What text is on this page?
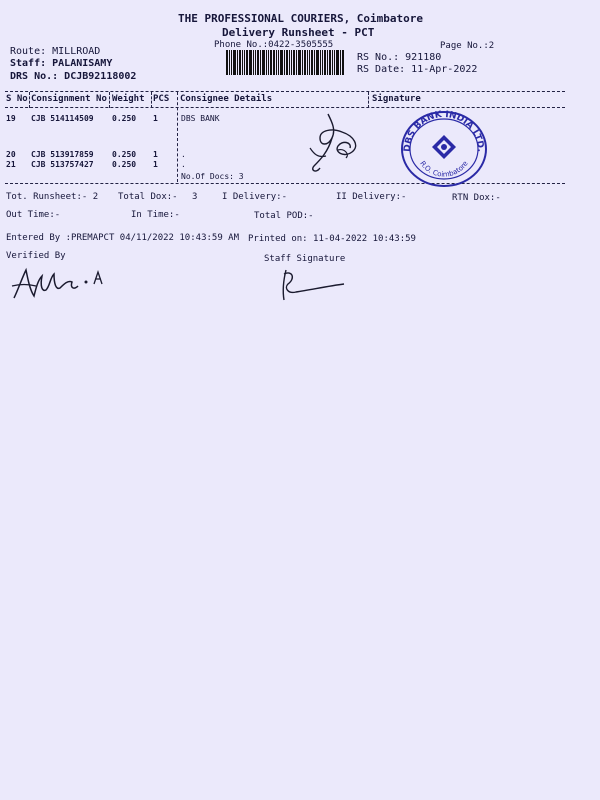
THE PROFESSIONAL COURIERS, Coimbatore
Delivery Runsheet - PCT
Phone No.:0422-3505555	Page No.:2
Route: MILLROAD
Staff: PALANISAMY
DRS No.: DCJB92118002
RS No.: 921180
RS Date: 11-Apr-2022
S No Consignment No Weight PCS Consignee Details	Signature
19 CJB 514114509 0.250 1	DBS BANK
20 CJB 513917859 0.250 1	.
21 CJB 513757427 0.250 1	.
No.Of Docs: 3
DBS BANK INDIA LTD.
R.O. Coimbatore
Tot. Runsheet:- 2 Total Dox:- 3	I Delivery:-	II Delivery:-	RTN Dox:-
Out Time:-	In Time:-	Total POD:-
Entered By :PREMAPCT 04/11/2022 10:43:59 AM Printed on: 11-04-2022 10:43:59
Verified By	Staff Signature
